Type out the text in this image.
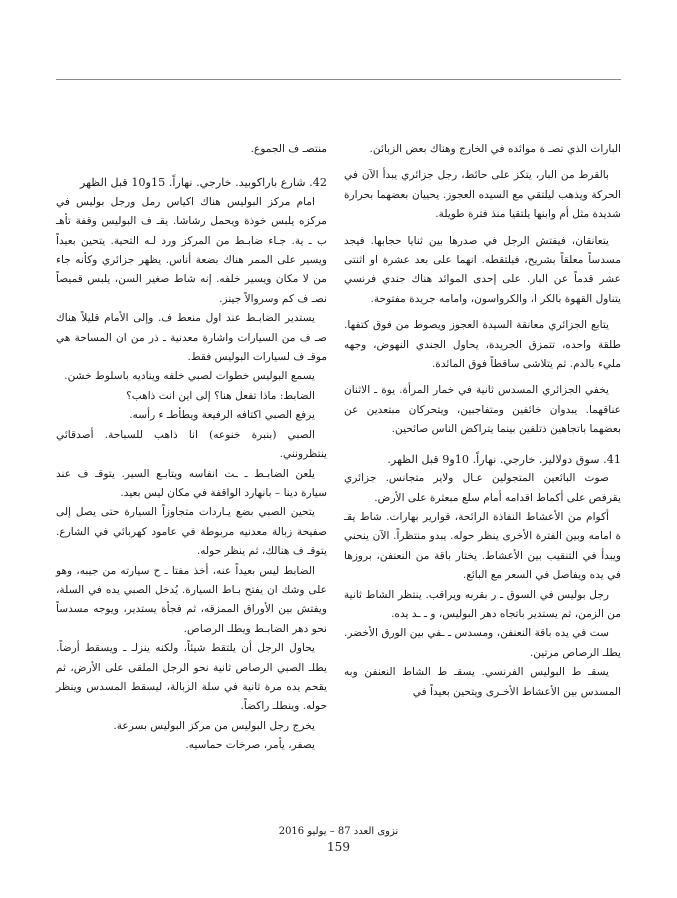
البارات الذي تصـ ة موائده في الخارج وهناك بعض الزبائن.

بالقرط من البار، يتكز على حائط، رجل جزائري يبدأ الآن في الحركة ويذهب ليلتقي مع السيده العجوز. يحييان بعضهما بحرارة شديدة مثل أم وابنها يلتقيا منذ فترة طويلة.

يتعانقان، فيفتش الرجل في صدرها بين ثنايا حجابها. فيجد مسدساً معلقاً بشريح، فيلتقطه. انهما على بعد عشرة او اثنتى عشر قدماً عن البار. على إحدى الموائد هناك جندي فرنسي يتناول القهوة بالكر ا، والكرواسون، وامامه جريدة مفتوحة.

يتابع الجزائري معانقة السيدة العجوز ويصوط من فوق كتفها. طلقة واحده، تتمزق الجريدة، يحاول الجندي النهوض، وجهه مليء بالدم. ثم يتلاشى ساقطاً فوق المائدة.

يخفي الجزائري المسدس ثانية في خمار المرأة. يوة ـ الاثنان عناقهما. يبدوان خائفين ومتفاجبين، ويتحركان مبتعدين عن بعضهما باتجاهين ذتلفين بينما يتراكض الناس صائحين.

41. سوق دولاليز. خارجي. نهاراً. 10و9 قبل الظهر.

صوت البائعين المتجولين عـال ولاير متجانس. جزائري يقرفص على أكماط اقدامه أمام سلع مبعثرة على الأرض.

أكوام من الأعشاط النفاذة الرائحة، قوارير بهارات. شاط يقـ ة امامه وبين الفترة الأخرى ينظر حوله. يبدو منتظراً. الآن ينحني ويبدأ في التنقيب بين الأعشاط. يختار باقة من النعنفن، بروزها في يده ويفاصل في السعر مع البائع.

رجل بوليس في السوق ـ ر بقربه ويراقب. ينتظر الشاط ثانية من الزمن، ثم يستدير باتجاه دهر البوليس، و ـ ـد يده.

ست في يده باقة النعنفن، ومسدس ـ ـفي بين الورق الأخضر. يطلـ الرصاص مرتين.

يسقـ ط البوليس الفرنسي. يسقـ ط الشاط النعنفن وبه المسدس بين الأعشاط الأخـرى ويتحين بعيداً في

منتصـ ف الجموع.

42. شارع باراكوبيد. خارجي. نهاراً. 15و10 قبل الظهر

امام مركز البوليس هناك اكياس رمل ورجل بوليس في مركزه يلبس خوذة ويحمل رشاشا. يقـ ف البوليس وقفة تأهـ ب ـ ية. جـاء ضابـط من المركز ورد لـه التحية. يتحين بعيداً ويسير على الممر هناك بضعة أناس. يظهر جزائري وكأنه جاء من لا مكان ويسير خلفه. إنه شاط صغير السن، يلبس قميصاً نصـ ف كم وسروالاً جينز.

يستدير الضابـط عند اول منعط ف. وإلى الأمام قليلاً هناك صـ ف من السيارات واشارة معدنية ـ ذر من ان المساحة هي موقـ ف لسيارات البوليس فقط.

يسمع البوليس خطوات لصبي خلفه ويناديه باسلوط خشن.

الضابط: ماذا تفعل هنا؟ إلى اين انت ذاهب؟

يرفع الصبي اكتافه الرفيعة ويطأطـ ء رأسه.

الصبي (بنبرة خنوعه) انا ذاهب للسباحة. أصدقائي ينتظرونني.

يلعن الضابـط ـ ـت انفاسه ويتابـع السير. يتوقـ ف عند سيارة دينا – بانهارد الواقفة في مكان ليس بعيد.

يتحين الصبي بضع يـاردات متجاوزاً السيارة حتى يصل إلى صفيحة زبالة معدنيه مربوطة في عامود كهربائي في الشارع. يتوقـ ف هنالك، ثم ينظر حوله.

الضابط ليس بعيداً عنه، أخذ مفتا ـ ح سيارته من جيبه، وهو على وشك ان يفتح بـاط السيارة. يُدخل الصبي يده في السلة، ويفتش بين الأوراق الممزقه، ثم فجأة يستدير، ويوجه مسدساً نحو دهر الضابـط ويطلـ الرصاص.

يحاول الرجل أن يلتقط شيئاً، ولكنه ينزلـ ـ ويسقط أرضاً. يطلـ الصبي الرصاص ثانية نحو الرجل الملقى على الأرض، ثم يقحم يده مرة ثانية في سلة الزبالة، ليسقط المسدس وينظر حوله. وينطلـ راكضاً.

يخرج رجل البوليس من مركز البوليس بسرعة.

يصفر، يأمر، صرخات حماسيه.

نزوى العدد 87 – يوليو 2016
159
